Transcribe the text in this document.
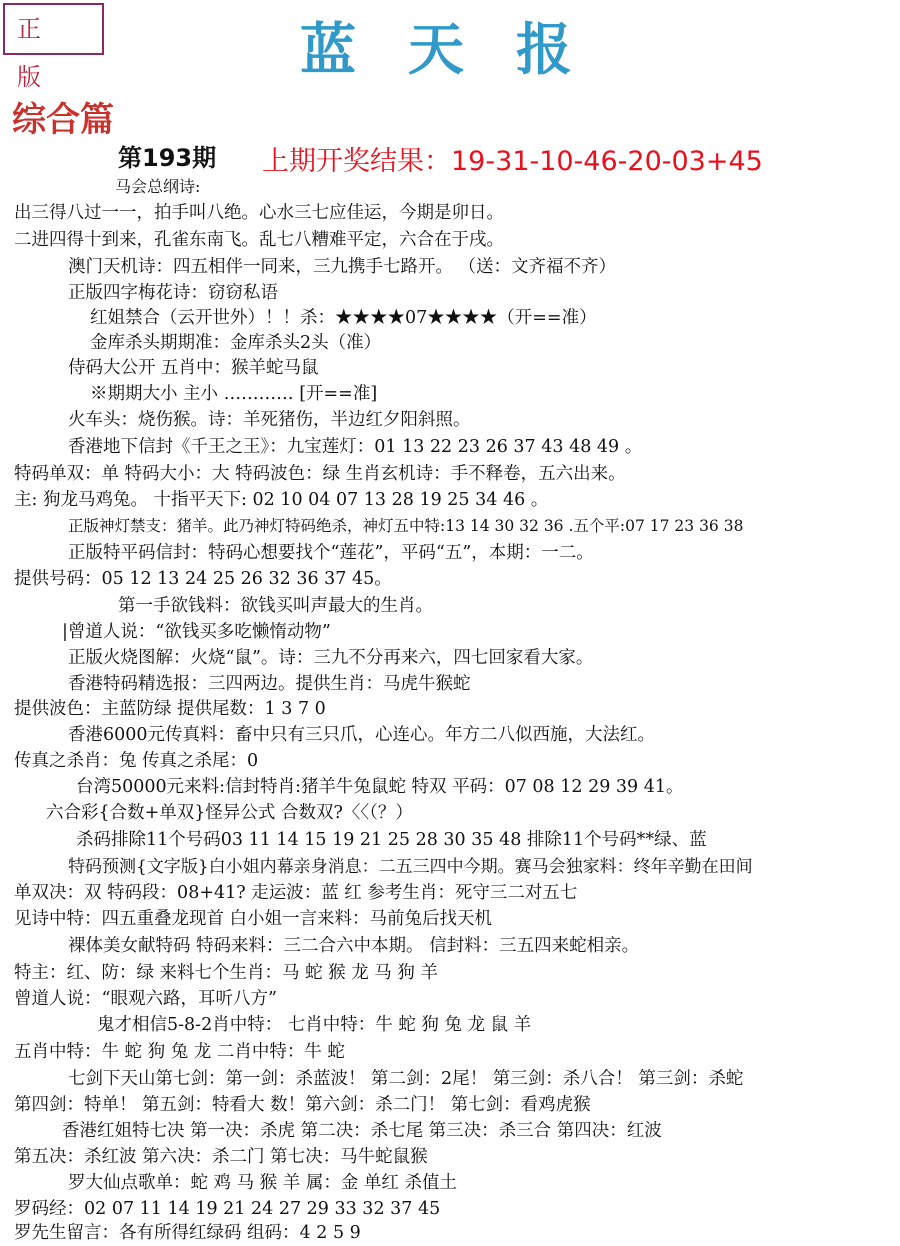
正 版	蓝天报
综合篇
第193期 上期开奖结果：19-31-10-46-20-03+45
马会总纲诗:
出三得八过一一，拍手叫八绝。心水三七应佳运，今期是卯日。
二进四得十到来，孔雀东南飞。乱七八糟难平定，六合在于戌。
澳门天机诗：四五相伴一同来，三九携手七路开。 （送：文齐福不齐）
正版四字梅花诗：窃窃私语
红姐禁合（云开世外）！！杀：★★★★07★★★★（开==准）
金库杀头期期准：金库杀头2头（准）
侍码大公开 五肖中：猴羊蛇马鼠
※期期大小 主小 ………… [开==准]
火车头：烧伤猴。诗：羊死猪伤，半边红夕阳斜照。
香港地下信封《千王之王》：九宝莲灯：01 13 22 23 26 37 43 48 49 。
特码单双：单 特码大小：大 特码波色：绿 生肖玄机诗：手不释卷，五六出来。
主: 狗龙马鸡兔。 十指平天下: 02 10 04 07 13 28 19 25 34 46 。
正版神灯禁支：猪羊。此乃神灯特码绝杀，神灯五中特:13 14 30 32 36 .五个平:07 17 23 36 38
正版特平码信封：特码心想要找个“莲花”，平码“五”，本期：一二。
提供号码：05 12 13 24 25 26 32 36 37 45。
第一手欲钱料：欲钱买叫声最大的生肖。
|曾道人说：“欲钱买多吃懒惰动物”
正版火烧图解：火烧“鼠”。诗：三九不分再来六，四七回家看大家。
香港特码精选报：三四两边。提供生肖：马虎牛猴蛇
提供波色：主蓝防绿 提供尾数：1 3 7 0
香港6000元传真料：畜中只有三只爪，心连心。年方二八似西施，大法红。
传真之杀肖：兔 传真之杀尾：0
台湾50000元来料:信封特肖:猪羊牛兔鼠蛇 特双 平码：07 08 12 29 39 41。
六合彩{合数+单双}怪异公式 合数双?〈〈（？）
杀码排除11个号码03 11 14 15 19 21 25 28 30 35 48 排除11个号码**绿、蓝
特码预测{文字版}白小姐内幕亲身消息：二五三四中今期。赛马会独家料：终年辛勤在田间
单双决：双 特码段：08+41? 走运波：蓝 红 参考生肖：死守三二对五七
见诗中特：四五重叠龙现首 白小姐一言来料：马前兔后找天机
裸体美女献特码 特码来料：三二合六中本期。 信封料：三五四来蛇相亲。
特主：红、防：绿 来料七个生肖：马 蛇 猴 龙 马 狗 羊
曾道人说：“眼观六路，耳听八方”
鬼才相信5-8-2肖中特： 七肖中特：牛 蛇 狗 兔 龙 鼠 羊
五肖中特：牛 蛇 狗 兔 龙 二肖中特：牛 蛇
七剑下天山第七剑：第一剑：杀蓝波！ 第二剑：2尾！ 第三剑：杀八合！ 第三剑：杀蛇
第四剑：特单！ 第五剑：特看大 数！第六剑：杀二门！ 第七剑：看鸡虎猴
香港红姐特七决 第一决：杀虎 第二决：杀七尾 第三决：杀三合 第四决：红波
第五决：杀红波 第六决：杀二门 第七决：马牛蛇鼠猴
罗大仙点歌单：蛇 鸡 马 猴 羊 属：金 单红 杀值土
罗码经：02 07 11 14 19 21 24 27 29 33 32 37 45
罗先生留言：各有所得红绿码 组码：4 2 5 9
